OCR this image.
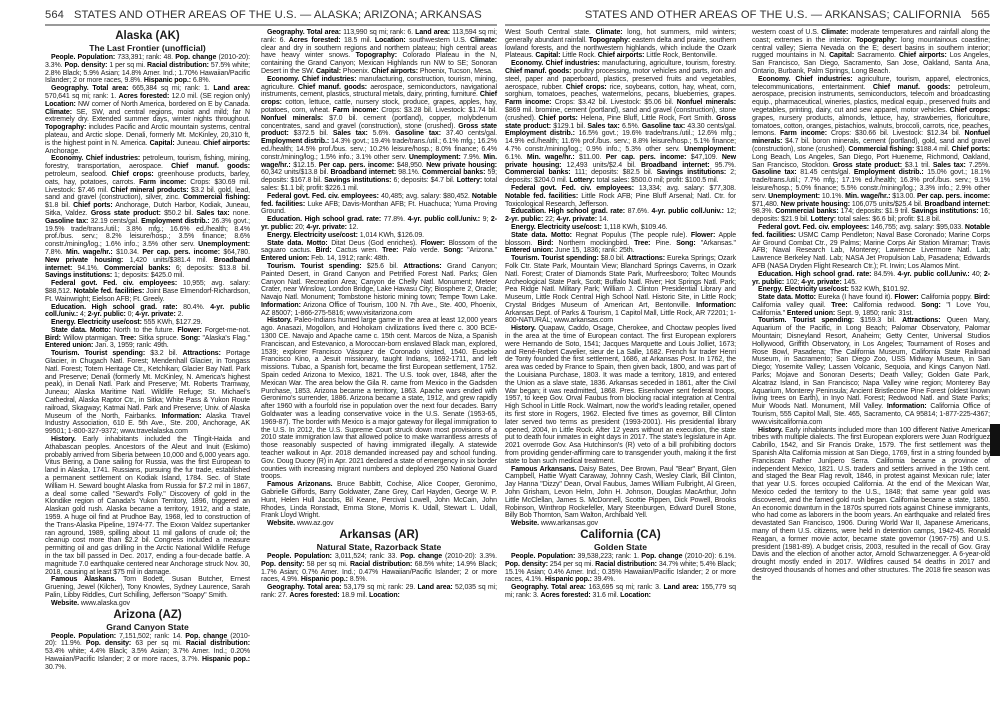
564 STATES AND OTHER AREAS OF THE U.S. — ALASKA; ARIZONA; ARKANSAS	STATES AND OTHER AREAS OF THE U.S. — ARKANSAS; CALIFORNIA 565
Alaska (AK)
The Last Frontier (unofficial)

People. Population: 733,391; rank: 48. Pop. change (2010-20): 3.3%. Pop. density: 1 per sq mi. Racial distribution: 57.5% white; 2.8% Black; 5.9% Asian; 14.8% Amer. Ind.; 1.70% Hawaiian/Pacific Islander; 2 or more races, 9.8%. Hispanic pop.: 6.8%.

Geography. Total area: 665,384 sq mi; rank: 1. Land area: 570,641 sq mi; rank: 1. Acres forested: 12.0 mil. (SE region only) Location: NW corner of North America, bordered on E by Canada. Climate: SE, SW, and central regions, moist and mild; far N extremely dry. Extended summer days, winter nights throughout. Topography: includes Pacific and Arctic mountain systems, central plateau, and Arctic slope. Denali, formerly Mt. McKinley, 20,310 ft, is the highest point in N. America. Capital: Juneau. Chief airports: Anchorage.

Economy. Chief industries: petroleum, tourism, fishing, mining, forestry, transportation, aerospace. Chief manuf. goods: petroleum, seafood. Chief crops: greenhouse products, barley, oats, hay, potatoes, carrots. Farm income: Crops: $30.69 mil. Livestock: $7.46 mil. Chief mineral products: $3.2 bil. gold, lead, sand and gravel (construction), silver, zinc. Commercial fishing: $1.8 bil. Chief ports: Anchorage, Dutch Harbor, Kodiak, Juneau, Sitka, Valdez. Gross state product: $50.2 bil. Sales tax: none. Gasoline tax: 32.19 cents/gal. Employment distrib.: 26.3% govt.; 19.5% trade/trans./util.; 3.8% mfg.; 16.6% ed./health; 8.4% prof./bus. serv.; 8.2% leisure/hosp.; 3.5% finance; 8.6% constr./mining/log.; 1.6% info.; 3.5% other serv. Unemployment: 7.8%. Min. wage/hr.: $10.34. Per cap. pers. income: $64,780. New private housing: 1,420 units/$381.4 mil. Broadband internet: 94.1%. Commercial banks: 6; deposits: $13.8 bil. Savings institutions: 1; deposits: $425.0 mil.

Federal govt. Fed. civ. employees: 10,955; avg. salary: $88,512. Notable fed. facilities: Joint Base Elmendorf-Richardson, Ft. Wainwright; Eielson AFB; Ft. Greely.

Education. High school grad. rate: 80.4%. 4-yr. public coll./univ.: 4; 2-yr. public: 0; 4-yr. private: 2.

Energy. Electricity use/cost: 555 KWh, $127.29.

State data. Motto: North to the future. Flower: Forget-me-not. Bird: Willow ptarmigan. Tree: Sitka spruce. Song: "Alaska's Flag." Entered union: Jan. 3, 1959; rank: 49th.

Tourism. Tourist spending: $3.2 bil. Attractions: Portage Glacier, in Chugach Natl. Forest; Mendenhall Glacier, in Tongass Natl. Forest; Totem Heritage Ctr., Ketchikan; Glacier Bay Natl. Park and Preserve; Denali (formerly Mt. McKinley, N. America's highest peak), in Denali Natl. Park and Preserve; Mt. Roberts Tramway, Juneau; Alaska Maritime Natl. Wildlife Refuge; St. Michael's Cathedral, Alaska Raptor Ctr., in Sitka; White Pass & Yukon Route railroad, Skagway; Katmai Natl. Park and Preserve; Univ. of Alaska Museum of the North, Fairbanks. Information: Alaska Travel Industry Association, 610 E. 5th Ave., Ste. 200, Anchorage, AK 99501; 1-800-327-9372; www.travelalaska.com

History. Early inhabitants included the Tlingit-Haida and Athabascan peoples. Ancestors of the Aleut and Inuit (Eskimo) probably arrived from Siberia between 10,000 and 6,000 years ago. Vitus Bering, a Dane sailing for Russia, was the first European to land in Alaska, 1741. Russians, pursuing the fur trade, established a permanent settlement on Kodiak Island, 1784. Sec. of State William H. Seward bought Alaska from Russia for $7.2 mil in 1867, a deal some called "Seward's Folly." Discovery of gold in the Klondike region of Canada's Yukon Territory, 1896, triggered an Alaskan gold rush. Alaska became a territory, 1912, and a state, 1959. A huge oil find at Prudhoe Bay, 1968, led to construction of the Trans-Alaska Pipeline, 1974-77. The Exxon Valdez supertanker ran aground, 1989, spilling about 11 mil gallons of crude oil; the cleanup cost more than $2.2 bil. Congress included a measure permitting oil and gas drilling in the Arctic National Wildlife Refuge in the tax bill passed in Dec. 2017, ending a four-decade battle. A magnitude 7.0 earthquake centered near Anchorage struck Nov. 30, 2018, causing at least $75 mil in damage.

Famous Alaskans. Tom Bodett, Susan Butcher, Ernest Gruening, Jewel (Kilcher), Tony Knowles, Sydney Laurence, Sarah Palin, Libby Riddles, Curt Schilling, Jefferson "Soapy" Smith.

Website. www.alaska.gov

Arizona (AZ)
Grand Canyon State

People. Population: 7,151,502; rank: 14. Pop. change (2010-20): 11.9%. Pop. density: 63 per sq mi. Racial distribution: 53.4% white; 4.4% Black; 3.5% Asian; 3.7% Amer. Ind.; 0.20% Hawaiian/Pacific Islander; 2 or more races, 3.7%. Hispanic pop.: 30.7%.

Geography. Total area: 113,990 sq mi; rank: 6. Land area: 113,594 sq mi; rank: 6. Acres forested: 18.5 mil. Location: southwestern U.S. Climate: clear and dry in southern regions and northern plateau; high central areas have heavy winter snows. Topography: Colorado Plateau in the N, containing the Grand Canyon; Mexican Highlands run NW to SE; Sonoran Desert in the SW. Capital: Phoenix. Chief airports: Phoenix, Tucson, Mesa.

Economy. Chief industries: manufacturing, construction, tourism, mining, agriculture. Chief manuf. goods: aerospace, semiconductors, navigational instruments, cement, plastics, structural metals, dairy, printing, furniture. Chief crops: cotton, lettuce, cattle, nursery stock, produce, grapes, apples, hay, potatoes, corn, wheat. Farm income: Crops: $3.28 bil. Livestock: $1.74 bil. Nonfuel minerals: $7.0 bil. cement (portland), copper, molybdenum concentrates, sand and gravel (construction), stone (crushed). Gross state product: $372.5 bil. Sales tax: 5.6%. Gasoline tax: 37.40 cents/gal. Employment distrib.: 14.3% govt.; 19.4% trade/trans./util.; 6.1% mfg.; 16.2% ed./health; 14.5% prof./bus. serv.; 10.2% leisure/hosp.; 8.0% finance; 6.4% constr./mining/log.; 1.5% info.; 3.1% other serv. Unemployment: 7.9%. Min. wage/hr.: $12.15. Per cap. pers. income: $48,950. New private housing: 60,342 units/$13.8 bil. Broadband internet: 98.1%. Commercial banks: 59; deposits: $167.8 bil. Savings institutions: 6; deposits: $4.7 bil. Lottery: total sales: $1.1 bil; profit: $226.1 mil.

Federal govt. Fed. civ. employees: 40,485; avg. salary: $80,452. Notable fed. facilities: Luke AFB; Davis-Monthan AFB; Ft. Huachuca; Yuma Proving Ground.

Education. High school grad. rate: 77.8%. 4-yr. public coll./univ.: 9; 2-yr. public: 20; 4-yr. private: 12.

Energy. Electricity use/cost: 1,014 KWh, $126.09.

State data. Motto: Ditat Deus (God enriches). Flower: Blossom of the saguaro cactus. Bird: Cactus wren. Tree: Palo verde. Song: "Arizona." Entered union: Feb. 14, 1912; rank: 48th.

Tourism. Tourist spending: $25.6 bil. Attractions: Grand Canyon; Painted Desert, in Grand Canyon and Petrified Forest Natl. Parks; Glen Canyon Natl. Recreation Area; Canyon de Chelly Natl. Monument; Meteor Crater, near Winslow; London Bridge, Lake Havasu City; Biosphere 2, Oracle; Navajo Natl. Monument; Tombstone historic mining town; Tempe Town Lake. Information: Arizona Office of Tourism, 100 N. 7th Ave., Ste. 400, Phoenix, AZ 85007; 1-866-275-5816; www.visitarizona.com

History. Paleo-Indians hunted large game in the area at least 12,000 years ago. Anasazi, Mogollon, and Hohokam civilizations lived there c. 300 BCE-1300 CE. Navajo and Apache came c. 15th cent. Marcos de Niza, a Spanish Franciscan, and Estevanico, a Moroccan-born enslaved Black man, explored, 1539; explorer Francisco Vásquez de Coronado visited, 1540. Eusebio Francisco Kino, a Jesuit missionary, taught Indians, 1692-1711, and left missions. Tubac, a Spanish fort, became the first European settlement, 1752. Spain ceded Arizona to Mexico, 1821. The U.S. took over, 1848, after the Mexican War. The area below the Gila R. came from Mexico in the Gadsden Purchase, 1853. Arizona became a territory, 1863. Apache wars ended with Geronimo's surrender, 1886. Arizona became a state, 1912, and grew rapidly after 1960 with a fourfold rise in population over the next four decades. Barry Goldwater was a leading conservative voice in the U.S. Senate (1953-65, 1969-87). The border with Mexico is a major gateway for illegal immigration to the U.S. In 2012, the U.S. Supreme Court struck down most provisions of a 2010 state immigration law that allowed police to make warrantless arrests of those reasonably suspected of having immigrated illegally. A statewide teacher walkout in Apr. 2018 demanded increased pay and school funding. Gov. Doug Ducey (R) in Apr. 2021 declared a state of emergency in six border counties with increasing migrant numbers and deployed 250 National Guard troops.

Famous Arizonans. Bruce Babbitt, Cochise, Alice Cooper, Geronimo, Gabrielle Giffords, Barry Goldwater, Zane Grey, Carl Hayden, George W. P. Hunt, Helen Hull Jacobs, Bil Keane, Percival Lowell, John McCain, John Rhodes, Linda Ronstadt, Emma Stone, Morris K. Udall, Stewart L. Udall, Frank Lloyd Wright.

Website. www.az.gov

Arkansas (AR)
Natural State, Razorback State

People. Population: 3,011,524; rank: 33. Pop. change (2010-20): 3.3%. Pop. density: 58 per sq mi. Racial distribution: 68.5% white; 14.9% Black; 1.7% Asian; 0.7% Amer. Ind.; 0.47% Hawaiian/Pacific Islander; 2 or more races, 4.9%. Hispanic pop.: 8.5%.

Geography. Total area: 53,179 sq mi; rank: 29. Land area: 52,035 sq mi; rank: 27. Acres forested: 18.9 mil. Location:

West South Central state. Climate: long, hot summers, mild winters; generally abundant rainfall. Topography: eastern delta and prairie, southern lowland forests, and the northwestern highlands, which include the Ozark Plateaus. Capital: Little Rock. Chief airports: Little Rock, Bentonville.

Economy. Chief industries: manufacturing, agriculture, tourism, forestry. Chief manuf. goods: poultry processing, motor vehicles and parts, iron and steel, paper and paperboard, plastics, preserved fruits and vegetables, aerospace, rubber. Chief crops: rice, soybeans, cotton, hay, wheat, corn, sorghum, tomatoes, peaches, watermelons, pecans, blueberries, grapes. Farm income: Crops: $3.42 bil. Livestock: $5.06 bil. Nonfuel minerals: $869 mil. bromine, cement (portland), sand and gravel (construction), stone (crushed). Chief ports: Helena, Pine Bluff, Little Rock, Fort Smith. Gross state product: $129.1 bil. Sales tax: 6.5%. Gasoline tax: 43.30 cents/gal. Employment distrib.: 16.5% govt.; 19.6% trade/trans./util.; 12.6% mfg.; 14.9% ed./health; 11.6% prof./bus. serv.; 8.8% leisure/hosp.; 5.1% finance; 4.7% constr./mining/log.; 0.9% info.; 5.3% other serv. Unemployment: 6.1%. Min. wage/hr.: $11.00. Per cap. pers. income: $47,109. New private housing: 12,493 units/$2.4 bil. Broadband internet: 95.7%. Commercial banks: 111; deposits: $82.5 bil. Savings institutions: 2; deposits: $204.0 mil. Lottery: total sales: $500.0 mil; profit: $100.5 mil.

Federal govt. Fed. civ. employees: 13,334; avg. salary: $77,308. Notable fed. facilities: Little Rock AFB; Pine Bluff Arsenal; Natl. Ctr. for Toxicological Research, Jefferson.

Education. High school grad. rate: 87.6%. 4-yr. public coll./univ.: 12; 2-yr. public: 22; 4-yr. private: 14.

Energy. Electricity use/cost: 1,118 KWh, $109.46.

State data. Motto: Regnat Populus (The people rule). Flower: Apple blossom. Bird: Northern mockingbird. Tree: Pine. Song: "Arkansas." Entered union: June 15, 1836; rank: 25th.

Tourism. Tourist spending: $8.0 bil. Attractions: Eureka Springs; Ozark Folk Ctr. State Park, Mountain View; Blanchard Springs Caverns, in Ozark Natl. Forest; Crater of Diamonds State Park, Murfreesboro; Toltec Mounds Archeological State Park, Scott; Buffalo Natl. River; Hot Springs Natl. Park; Pea Ridge Natl. Military Park; William J. Clinton Presidential Library and Museum, Little Rock Central High School Natl. Historic Site, in Little Rock; Crystal Bridges Museum of American Art, Bentonville. Information: Arkansas Dept. of Parks & Tourism, 1 Capitol Mall, Little Rock, AR 72201; 1-800-NATURAL; www.arkansas.com

History. Quapaw, Caddo, Osage, Cherokee, and Choctaw peoples lived in the area at the time of European contact. The first European explorers were Hernando de Soto, 1541; Jacques Marquette and Louis Jolliet, 1673; and René-Robert Cavelier, sieur de La Salle, 1682. French fur trader Henri de Tonty founded the first settlement, 1686, at Arkansas Post. In 1762, the area was ceded by France to Spain, then given back, 1800, and was part of the Louisiana Purchase, 1803. It was made a territory, 1819, and entered the Union as a slave state, 1836. Arkansas seceded in 1861, after the Civil War began; it was readmitted, 1868. Pres. Eisenhower sent federal troops, 1957, to keep Gov. Orval Faubus from blocking racial integration at Central High School in Little Rock. Walmart, now the world's leading retailer, opened its first store in Rogers, 1962. Elected five times as governor, Bill Clinton later served two terms as president (1993-2001). His presidential library opened, 2004, in Little Rock. After 12 years without an execution, the state put to death four inmates in eight days in 2017. The state's legislature in Apr. 2021 overrode Gov. Asa Hutchinson's (R) veto of a bill prohibiting doctors from providing gender-affirming care to transgender youth, making it the first state to ban such medical treatment.

Famous Arkansans. Daisy Bates, Dee Brown, Paul "Bear" Bryant, Glen Campbell, Hattie Wyatt Caraway, Johnny Cash, Wesley Clark, Bill Clinton, Jay Hanna "Dizzy" Dean, Orval Faubus, James William Fulbright, Al Green, John Grisham, Levon Helm, John H. Johnson, Douglas MacArthur, John Little McClellan, James S. McDonnell, Scottie Pippen, Dick Powell, Brooks Robinson, Winthrop Rockefeller, Mary Steenburgen, Edward Durell Stone, Billy Bob Thornton, Sam Walton, Archibald Yell.

Website. www.arkansas.gov

California (CA)
Golden State

People. Population: 39,538,223; rank: 1. Pop. change (2010-20): 6.1%. Pop. density: 254 per sq mi. Racial distribution: 34.7% white; 5.4% Black; 15.1% Asian; 0.4% Amer. Ind.; 0.35% Hawaiian/Pacific Islander; 2 or more races, 4.1%. Hispanic pop.: 39.4%.

Geography. Total area: 163,695 sq mi; rank: 3. Land area: 155,779 sq mi; rank: 3. Acres forested: 31.6 mil. Location:

western coast of U.S. Climate: moderate temperatures and rainfall along the coast; extremes in the interior. Topography: long mountainous coastline; central valley; Sierra Nevada on the E; desert basins in southern interior; rugged mountains in N. Capital: Sacramento. Chief airports: Los Angeles, San Francisco, San Diego, Sacramento, San Jose, Oakland, Santa Ana, Ontario, Burbank, Palm Springs, Long Beach.

Economy. Chief industries: agriculture, tourism, apparel, electronics, telecommunications, entertainment. Chief manuf. goods: petroleum, aerospace, precision instruments, semiconductors, telecom and broadcasting equip., pharmaceutical, wineries, plastics, medical equip., preserved fruits and vegetables, printing, dairy, cut and sew apparel, motor vehicles. Chief crops: grapes, nursery products, almonds, lettuce, hay, strawberries, floriculture, tomatoes, cotton, oranges, pistachios, walnuts, broccoli, carrots, rice, peaches, lemons. Farm income: Crops: $30.66 bil. Livestock: $12.34 bil. Nonfuel minerals: $4.7 bil. boron minerals, cement (portland), gold, sand and gravel (construction), stone (crushed). Commercial fishing: $188.4 mil. Chief ports: Long Beach, Los Angeles, San Diego, Port Hueneme, Richmond, Oakland, San Francisco, Stockton. Gross state product: $3.1 tril. Sales tax: 7.25%. Gasoline tax: 81.45 cents/gal. Employment distrib.: 15.0% govt.; 18.1% trade/trans./util.; 7.7% mfg.; 17.1% ed./health; 16.3% prof./bus. serv.; 9.1% leisure/hosp.; 5.0% finance; 5.5% constr./mining/log.; 3.3% info.; 2.9% other serv. Unemployment: 10.1%. Min. wage/hr.: $13.00. Per cap. pers. income: $71,480. New private housing: 106,075 units/$25.4 bil. Broadband internet: 98.3%. Commercial banks: 174; deposits: $1.9 tril. Savings institutions: 16; deposits: $21.9 bil. Lottery: total sales: $6.6 bil; profit: $1.8 bil.

Federal govt. Fed. civ. employees: 146,755; avg. salary: $95,033. Notable fed. facilities: USMC Camp Pendleton; Naval Base Coronado; Marine Corps Air Ground Combat Ctr., 29 Palms; Marine Corps Air Station Miramar; Travis AFB; Naval Research Lab, Monterey; Lawrence Livermore Natl. Lab; Lawrence Berkeley Natl. Lab; NASA Jet Propulsion Lab, Pasadena; Edwards AFB (NASA Dryden Flight Research Ctr.); Ft. Irwin; Los Alamos Mint.

Education. High school grad. rate: 84.5%. 4-yr. public coll./univ.: 40; 2-yr. public: 102; 4-yr. private: 145.

Energy. Electricity use/cost: 532 KWh, $101.92.

State data. Motto: Eureka (I have found it). Flower: California poppy. Bird: California valley quail. Tree: California redwood. Song: "I Love You, California." Entered union: Sept. 9, 1850; rank: 31st.

Tourism. Tourist spending: $159.3 bil. Attractions: Queen Mary, Aquarium of the Pacific, in Long Beach; Palomar Observatory, Palomar Mountain; Disneyland Resort, Anaheim; Getty Center, Universal Studios Hollywood, Griffith Observatory, in Los Angeles; Tournament of Roses and Rose Bowl, Pasadena; The California Museum, California State Railroad Museum, in Sacramento; San Diego Zoo, USS Midway Museum, in San Diego; Yosemite Valley; Lassen Volcanic, Sequoia, and Kings Canyon Natl. Parks; Mojave and Sonoran Deserts; Death Valley; Golden Gate Park, Alcatraz Island, in San Francisco; Napa Valley wine region; Monterey Bay Aquarium, Monterey Peninsula; Ancient Bristlecone Pine Forest (oldest known living trees on Earth), in Inyo Natl. Forest; Redwood Natl. and State Parks; Muir Woods Natl. Monument, Mill Valley. Information: California Office of Tourism, 555 Capitol Mall, Ste. 465, Sacramento, CA 95814; 1-877-225-4367; www.visitcalifornia.com

History. Early inhabitants included more than 100 different Native American tribes with multiple dialects. The first European explorers were Juan Rodríguez Cabrillo, 1542, and Sir Francis Drake, 1579. The first settlement was the Spanish Alta California mission at San Diego, 1769, first in a string founded by Franciscan Father Junípero Serra. California became a province of independent Mexico, 1821. U.S. traders and settlers arrived in the 19th cent. and staged the Bear Flag revolt, 1846, in protest against Mexican rule; later that year U.S. forces occupied California. At the end of the Mexican War, Mexico ceded the territory to the U.S., 1848; that same year gold was discovered, and the famed gold rush began. California became a state, 1850. An economic downturn in the 1870s spurred riots against Chinese immigrants, who had come as laborers in the boom years. An earthquake and related fires devastated San Francisco, 1906. During World War II, Japanese Americans, many of them U.S. citizens, were held in detention camps, 1942-45. Ronald Reagan, a former movie actor, became state governor (1967-75) and U.S. president (1981-89). A budget crisis, 2003, resulted in the recall of Gov. Gray Davis and the election of another actor, Arnold Schwarzenegger. A 6-year-old drought mostly ended in 2017. Wildfires caused 54 deaths in 2017 and destroyed thousands of homes and other structures. The 2018 fire season was the
